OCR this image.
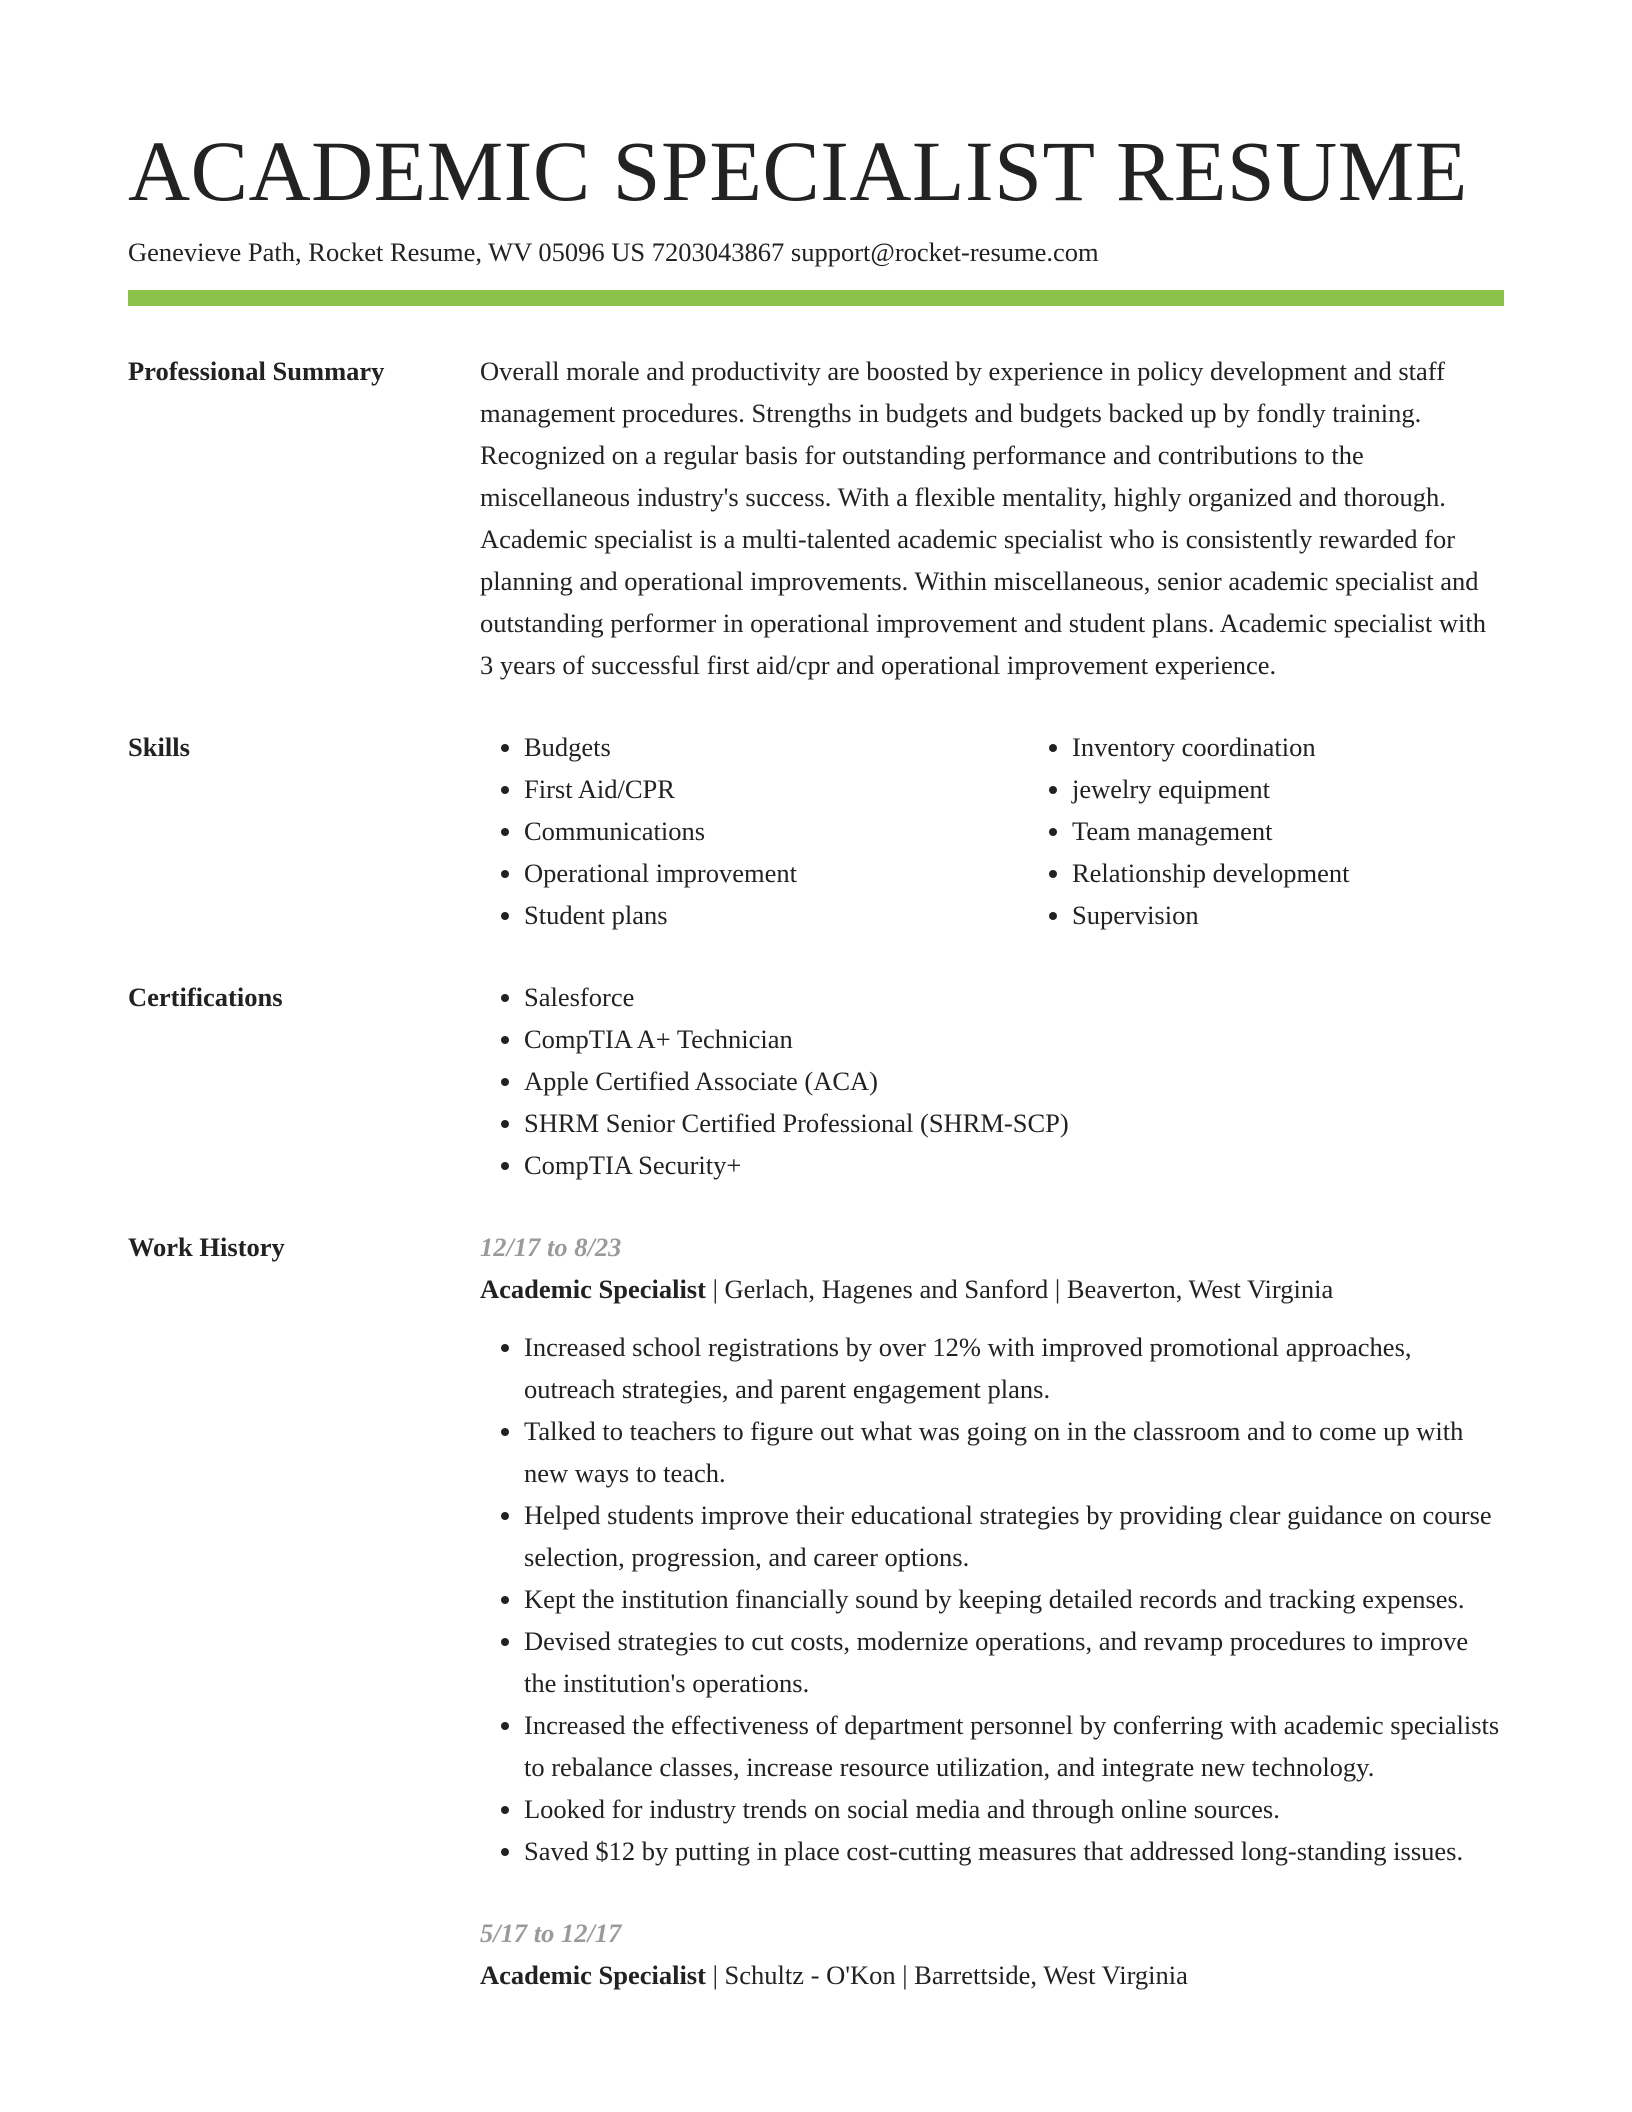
ACADEMIC SPECIALIST RESUME
Genevieve Path, Rocket Resume, WV 05096 US 7203043867 support@rocket-resume.com
Professional Summary	Overall morale and productivity are boosted by experience in policy development and staff management procedures. Strengths in budgets and budgets backed up by fondly training. Recognized on a regular basis for outstanding performance and contributions to the miscellaneous industry's success. With a flexible mentality, highly organized and thorough. Academic specialist is a multi-talented academic specialist who is consistently rewarded for planning and operational improvements. Within miscellaneous, senior academic specialist and outstanding performer in operational improvement and student plans. Academic specialist with 3 years of successful first aid/cpr and operational improvement experience.

Skills	• Budgets
• First Aid/CPR
• Communications
• Operational improvement
• Student plans
• Inventory coordination
• jewelry equipment
• Team management
• Relationship development
• Supervision
Certifications	• Salesforce
• CompTIA A+ Technician
• Apple Certified Associate (ACA)
• SHRM Senior Certified Professional (SHRM-SCP)
• CompTIA Security+
Work History	12/17 to 8/23
Academic Specialist | Gerlach, Hagenes and Sanford | Beaverton, West Virginia
• Increased school registrations by over 12% with improved promotional approaches, outreach strategies, and parent engagement plans.
• Talked to teachers to figure out what was going on in the classroom and to come up with new ways to teach.
• Helped students improve their educational strategies by providing clear guidance on course selection, progression, and career options.
• Kept the institution financially sound by keeping detailed records and tracking expenses.
• Devised strategies to cut costs, modernize operations, and revamp procedures to improve the institution's operations.
• Increased the effectiveness of department personnel by conferring with academic specialists to rebalance classes, increase resource utilization, and integrate new technology.
• Looked for industry trends on social media and through online sources.
• Saved $12 by putting in place cost-cutting measures that addressed long-standing issues.
5/17 to 12/17
Academic Specialist | Schultz - O'Kon | Barrettside, West Virginia
